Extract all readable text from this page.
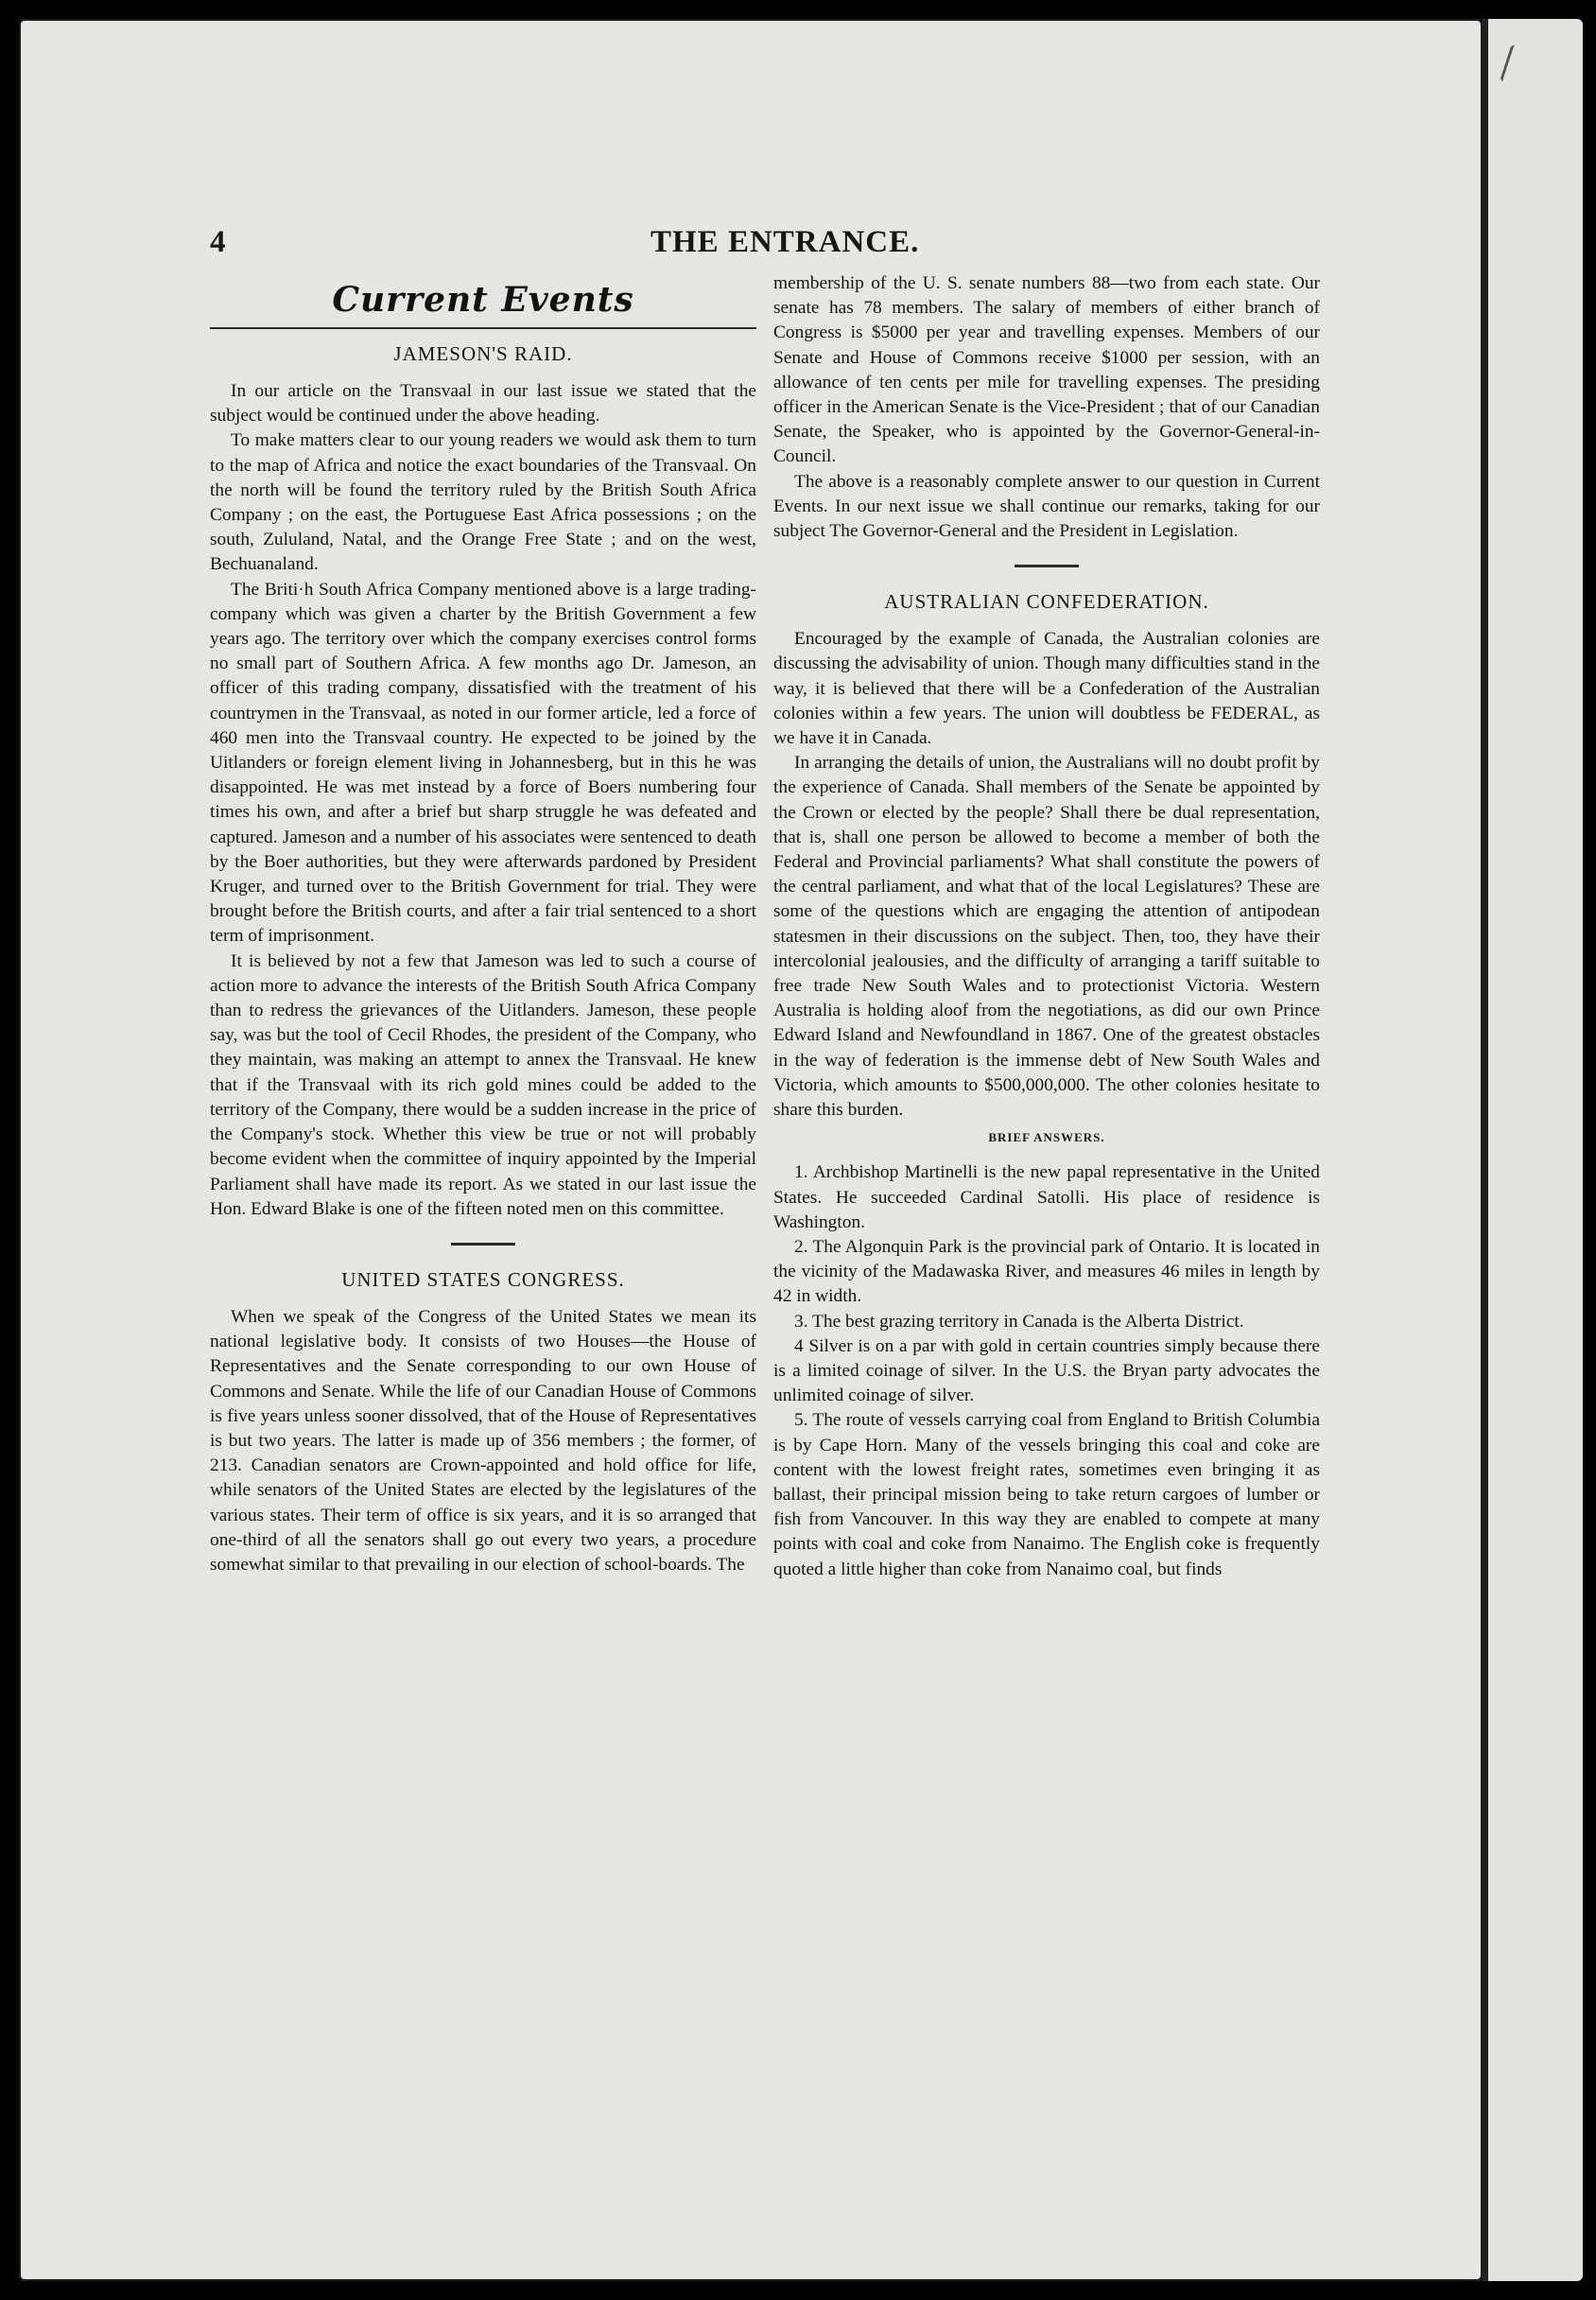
4	THE ENTRANCE.
Current Events
JAMESON'S RAID.

In our article on the Transvaal in our last issue we stated that the subject would be continued under the above heading.

To make matters clear to our young readers we would ask them to turn to the map of Africa and notice the exact boundaries of the Transvaal. On the north will be found the territory ruled by the British South Africa Company ; on the east, the Portuguese East Africa possessions ; on the south, Zululand, Natal, and the Orange Free State ; and on the west, Bechuanaland.

The Briti·h South Africa Company mentioned above is a large trading-company which was given a charter by the British Government a few years ago. The territory over which the company exercises control forms no small part of Southern Africa. A few months ago Dr. Jameson, an officer of this trading company, dissatisfied with the treatment of his countrymen in the Transvaal, as noted in our former article, led a force of 460 men into the Transvaal country. He expected to be joined by the Uitlanders or foreign element living in Johannesberg, but in this he was disappointed. He was met instead by a force of Boers numbering four times his own, and after a brief but sharp struggle he was defeated and captured. Jameson and a number of his associates were sentenced to death by the Boer authorities, but they were afterwards pardoned by President Kruger, and turned over to the British Government for trial. They were brought before the British courts, and after a fair trial sentenced to a short term of imprisonment.

It is believed by not a few that Jameson was led to such a course of action more to advance the interests of the British South Africa Company than to redress the grievances of the Uitlanders. Jameson, these people say, was but the tool of Cecil Rhodes, the president of the Company, who they maintain, was making an attempt to annex the Transvaal. He knew that if the Transvaal with its rich gold mines could be added to the territory of the Company, there would be a sudden increase in the price of the Company's stock. Whether this view be true or not will probably become evident when the committee of inquiry appointed by the Imperial Parliament shall have made its report. As we stated in our last issue the Hon. Edward Blake is one of the fifteen noted men on this committee.

UNITED STATES CONGRESS.

When we speak of the Congress of the United States we mean its national legislative body. It consists of two Houses—the House of Representatives and the Senate corresponding to our own House of Commons and Senate. While the life of our Canadian House of Commons is five years unless sooner dissolved, that of the House of Representatives is but two years. The latter is made up of 356 members ; the former, of 213. Canadian senators are Crown-appointed and hold office for life, while senators of the United States are elected by the legislatures of the various states. Their term of office is six years, and it is so arranged that one-third of all the senators shall go out every two years, a procedure somewhat similar to that prevailing in our election of school-boards. The

membership of the U. S. senate numbers 88—two from each state. Our senate has 78 members. The salary of members of either branch of Congress is $5000 per year and travelling expenses. Members of our Senate and House of Commons receive $1000 per session, with an allowance of ten cents per mile for travelling expenses. The presiding officer in the American Senate is the Vice-President ; that of our Canadian Senate, the Speaker, who is appointed by the Governor-General-in-Council.

The above is a reasonably complete answer to our question in Current Events. In our next issue we shall continue our remarks, taking for our subject The Governor-General and the President in Legislation.

AUSTRALIAN CONFEDERATION.

Encouraged by the example of Canada, the Australian colonies are discussing the advisability of union. Though many difficulties stand in the way, it is believed that there will be a Confederation of the Australian colonies within a few years. The union will doubtless be FEDERAL, as we have it in Canada.

In arranging the details of union, the Australians will no doubt profit by the experience of Canada. Shall members of the Senate be appointed by the Crown or elected by the people? Shall there be dual representation, that is, shall one person be allowed to become a member of both the Federal and Provincial parliaments? What shall constitute the powers of the central parliament, and what that of the local Legislatures? These are some of the questions which are engaging the attention of antipodean statesmen in their discussions on the subject. Then, too, they have their intercolonial jealousies, and the difficulty of arranging a tariff suitable to free trade New South Wales and to protectionist Victoria. Western Australia is holding aloof from the negotiations, as did our own Prince Edward Island and Newfoundland in 1867. One of the greatest obstacles in the way of federation is the immense debt of New South Wales and Victoria, which amounts to $500,000,000. The other colonies hesitate to share this burden.

BRIEF ANSWERS.

1. Archbishop Martinelli is the new papal representative in the United States. He succeeded Cardinal Satolli. His place of residence is Washington.

2. The Algonquin Park is the provincial park of Ontario. It is located in the vicinity of the Madawaska River, and measures 46 miles in length by 42 in width.

3. The best grazing territory in Canada is the Alberta District.

4 Silver is on a par with gold in certain countries simply because there is a limited coinage of silver. In the U.S. the Bryan party advocates the unlimited coinage of silver.

5. The route of vessels carrying coal from England to British Columbia is by Cape Horn. Many of the vessels bringing this coal and coke are content with the lowest freight rates, sometimes even bringing it as ballast, their principal mission being to take return cargoes of lumber or fish from Vancouver. In this way they are enabled to compete at many points with coal and coke from Nanaimo. The English coke is frequently quoted a little higher than coke from Nanaimo coal, but finds
